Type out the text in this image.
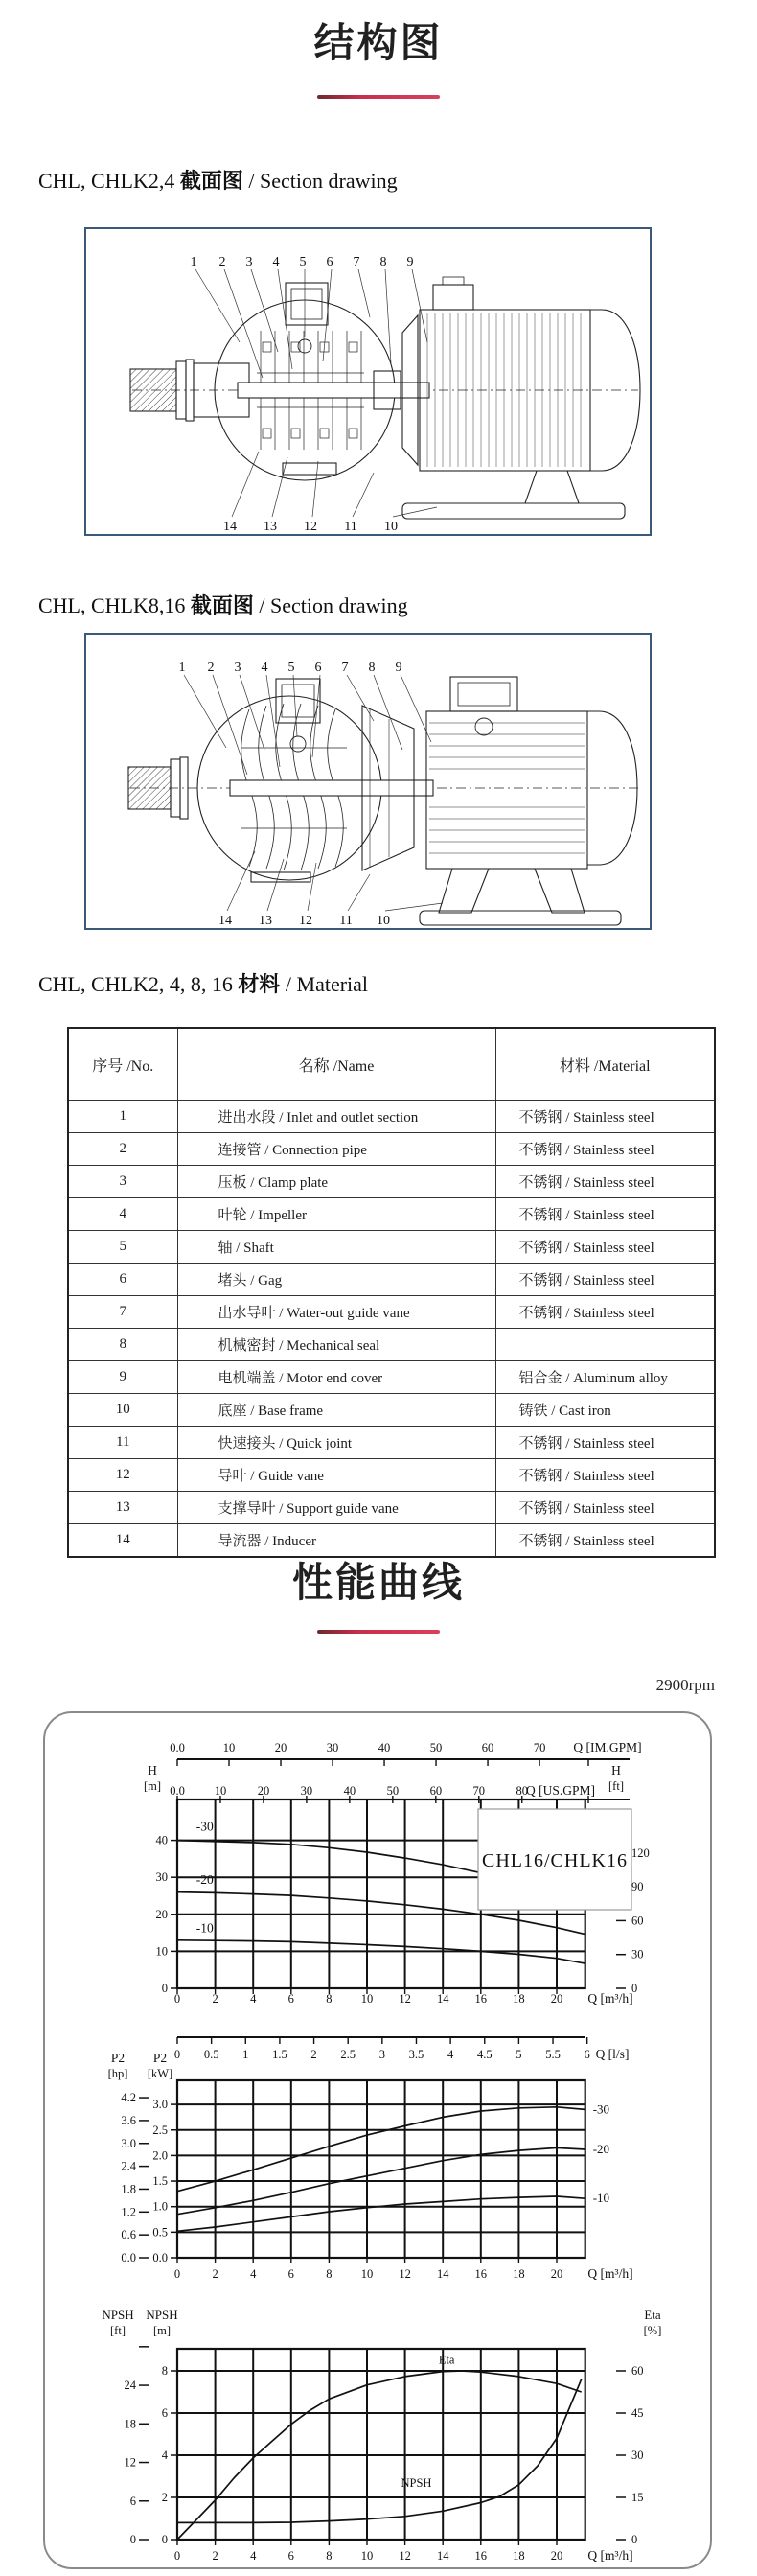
结构图
CHL, CHLK2,4 截面图 / Section drawing
1 2 3 4 5 6 7 8 9
14 13 12 11 10
CHL, CHLK8,16 截面图 / Section drawing
1 2 3 4 5 6 7 8 9
14 13 12 11 10
CHL, CHLK2, 4, 8, 16 材料 / Material
序号 /No.	名称 /Name	材料 /Material
1	进出水段 / Inlet and outlet section	不锈钢 / Stainless steel
2	连接管 / Connection pipe	不锈钢 / Stainless steel
3	压板 / Clamp plate	不锈钢 / Stainless steel
4	叶轮 / Impeller	不锈钢 / Stainless steel
5	轴 / Shaft	不锈钢 / Stainless steel
6	堵头 / Gag	不锈钢 / Stainless steel
7	出水导叶 / Water-out guide vane	不锈钢 / Stainless steel
8	机械密封 / Mechanical seal	
9	电机端盖 / Motor end cover	铝合金 / Aluminum alloy
10	底座 / Base frame	铸铁 / Cast iron
11	快速接头 / Quick joint	不锈钢 / Stainless steel
12	导叶 / Guide vane	不锈钢 / Stainless steel
13	支撑导叶 / Support guide vane	不锈钢 / Stainless steel
14	导流器 / Inducer	不锈钢 / Stainless steel
性能曲线
2900rpm
0.0	10	20	30	40	50	60	70 Q [IM.GPM]
0.0 10	20	30	40	50	60	70	80
Q [US.GPM]
0	2	4	6	8 10 12 14 16 18 20
0
10
20
30
40
0
30
60
90
120
H
[m]
H
[ft]
Q [m³/h]
-30
-20
-10
CHL16/CHLK16
0 0.5 1 1.5 2 2.5 3 3.5 4 4.5 5 5.5 6 Q [l/s]
0	2	4	6	8 10 12 14 16 18 20
0.0
0.5
1.0
1.5
2.0
2.5
3.0
0.0
0.6
1.2
1.8
2.4
3.0
3.6
4.2
P2
[hp]
P2
[kW]
Q [m³/h]
-30
-20
-10
0	2	4	6	8 10 12 14 16 18 20
0
2
4
6
8
0
6
12
18
24
0
15
30
45
60
NPSH
[ft]
NPSH
[m]
Eta
[%]
Q [m³/h]
Eta
NPSH
